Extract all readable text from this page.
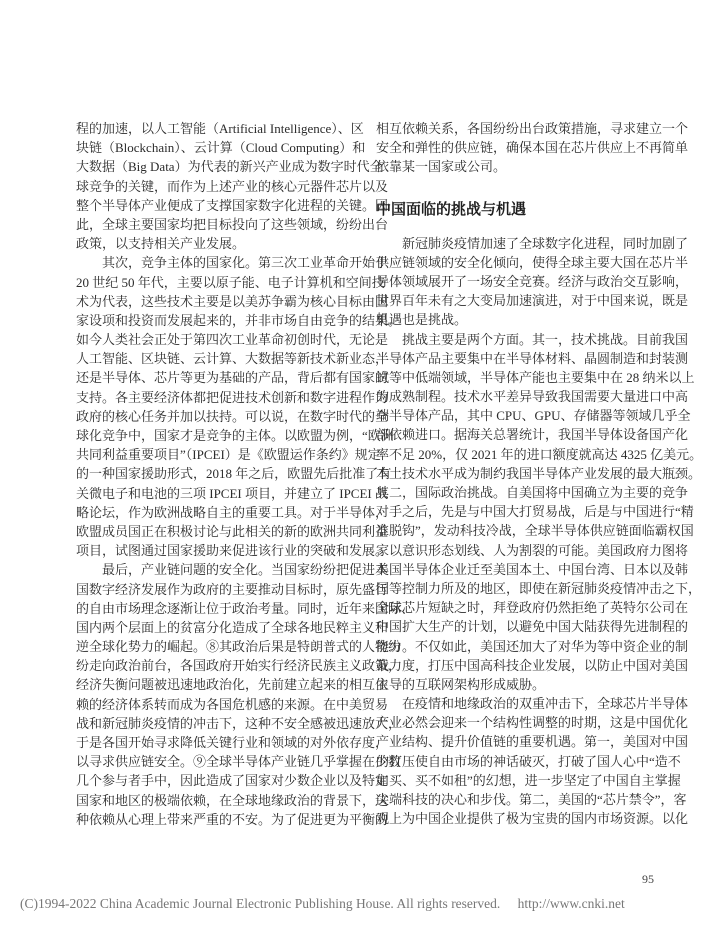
程的加速，以人工智能（Artificial Intelligence）、区
块链（Blockchain）、云计算（Cloud Computing）和
大数据（Big Data）为代表的新兴产业成为数字时代全
球竞争的关键，而作为上述产业的核心元器件芯片以及
整个半导体产业便成了支撑国家数字化进程的关键。因
此，全球主要国家均把目标投向了这些领域，纷纷出台
政策，以支持相关产业发展。
其次，竞争主体的国家化。第三次工业革命开始于
20 世纪 50 年代，主要以原子能、电子计算机和空间技
术为代表，这些技术主要是以美苏争霸为核心目标由国
家设项和投资而发展起来的，并非市场自由竞争的结果。
如今人类社会正处于第四次工业革命初创时代，无论是
人工智能、区块链、云计算、大数据等新技术新业态，
还是半导体、芯片等更为基础的产品，背后都有国家的
支持。各主要经济体都把促进技术创新和数字进程作为
政府的核心任务并加以扶持。可以说，在数字时代的全
球化竞争中，国家才是竞争的主体。以欧盟为例，“欧洲
共同利益重要项目”（IPCEI）是《欧盟运作条约》规定
的一种国家援助形式，2018 年之后，欧盟先后批准了有
关微电子和电池的三项 IPCEI 项目，并建立了 IPCEI 战
略论坛，作为欧洲战略自主的重要工具。对于半导体，
欧盟成员国正在积极讨论与此相关的新的欧洲共同利益
项目，试图通过国家援助来促进该行业的突破和发展。
最后，产业链问题的安全化。当国家纷纷把促进本
国数字经济发展作为政府的主要推动目标时，原先盛行
的自由市场理念逐渐让位于政治考量。同时，近年来国际、
国内两个层面上的贫富分化造成了全球各地民粹主义和
逆全球化势力的崛起。⑧其政治后果是特朗普式的人物纷
纷走向政治前台，各国政府开始实行经济民族主义政策，
经济失衡问题被迅速地政治化，先前建立起来的相互依
赖的经济体系转而成为各国危机感的来源。在中美贸易
战和新冠肺炎疫情的冲击下，这种不安全感被迅速放大，
于是各国开始寻求降低关键行业和领域的对外依存度，
以寻求供应链安全。⑨全球半导体产业链几乎掌握在少数
几个参与者手中，因此造成了国家对少数企业以及特定
国家和地区的极端依赖，在全球地缘政治的背景下，这
种依赖从心理上带来严重的不安。为了促进更为平衡的
相互依赖关系，各国纷纷出台政策措施，寻求建立一个
安全和弹性的供应链，确保本国在芯片供应上不再简单
依靠某一国家或公司。
中国面临的挑战与机遇
新冠肺炎疫情加速了全球数字化进程，同时加剧了
供应链领域的安全化倾向，使得全球主要大国在芯片半
导体领域展开了一场安全竞赛。经济与政治交互影响，
世界百年未有之大变局加速演进，对于中国来说，既是
机遇也是挑战。
挑战主要是两个方面。其一，技术挑战。目前我国
半导体产品主要集中在半导体材料、晶圆制造和封装测
试等中低端领域，半导体产能也主要集中在 28 纳米以上
的成熟制程。技术水平差异导致我国需要大量进口中高
端半导体产品，其中 CPU、GPU、存储器等领域几乎全
部依赖进口。据海关总署统计，我国半导体设备国产化
率不足 20%，仅 2021 年的进口额度就高达 4325 亿美元。
本土技术水平成为制约我国半导体产业发展的最大瓶颈。
其二，国际政治挑战。自美国将中国确立为主要的竞争
对手之后，先是与中国大打贸易战，后是与中国进行“精
准脱钩”，发动科技冷战，全球半导体供应链面临霸权国
家以意识形态划线、人为割裂的可能。美国政府力图将
美国半导体企业迁至美国本土、中国台湾、日本以及韩
国等控制力所及的地区，即使在新冠肺炎疫情冲击之下，
全球芯片短缺之时，拜登政府仍然拒绝了英特尔公司在
中国扩大生产的计划，以避免中国大陆获得先进制程的
能力。不仅如此，美国还加大了对华为等中资企业的制
裁力度，打压中国高科技企业发展，以防止中国对美国
主导的互联网架构形成威胁。
在疫情和地缘政治的双重冲击下，全球芯片半导体
产业必然会迎来一个结构性调整的时期，这是中国优化
产业结构、提升价值链的重要机遇。第一，美国对中国
的打压使自由市场的神话破灭，打破了国人心中“造不
如买、买不如租”的幻想，进一步坚定了中国自主掌握
尖端科技的决心和步伐。第二，美国的“芯片禁令”，客
观上为中国企业提供了极为宝贵的国内市场资源。以化
95
(C)1994-2022 China Academic Journal Electronic Publishing House. All rights reserved. http://www.cnki.net
